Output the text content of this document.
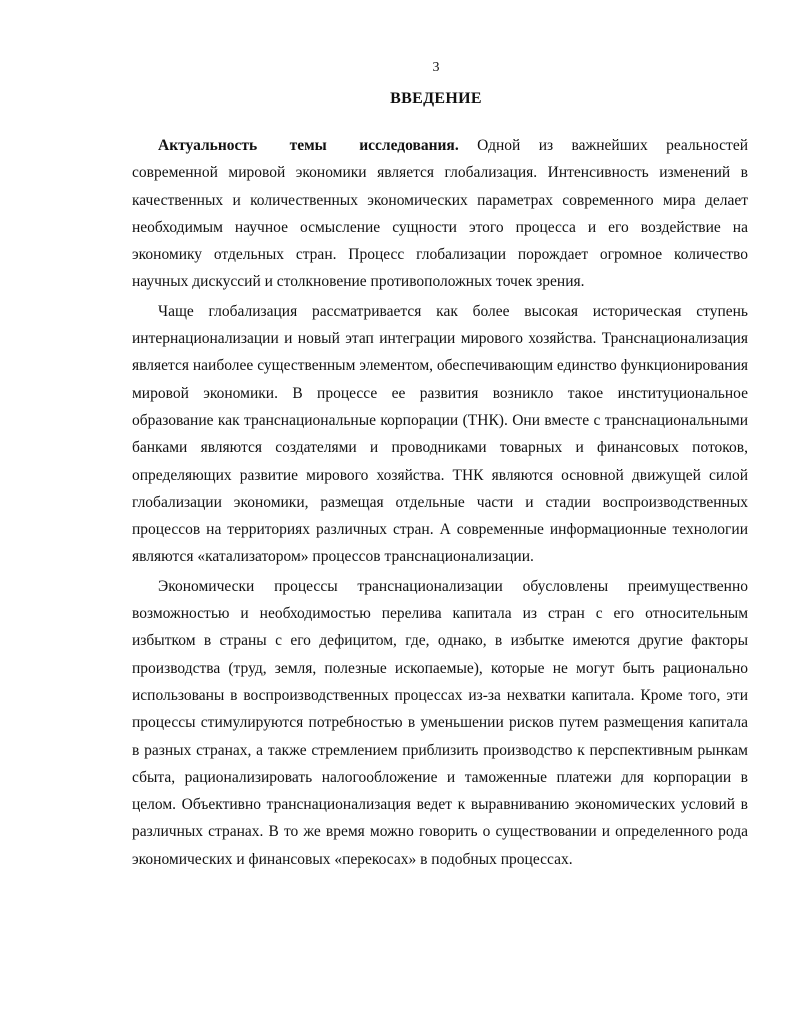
3
ВВЕДЕНИЕ

Актуальность темы исследования. Одной из важнейших реальностей современной мировой экономики является глобализация. Интенсивность изменений в качественных и количественных экономических параметрах современного мира делает необходимым научное осмысление сущности этого процесса и его воздействие на экономику отдельных стран. Процесс глобализации порождает огромное количество научных дискуссий и столкновение противоположных точек зрения.

Чаще глобализация рассматривается как более высокая историческая ступень интернационализации и новый этап интеграции мирового хозяйства. Транснационализация является наиболее существенным элементом, обеспечивающим единство функционирования мировой экономики. В процессе ее развития возникло такое институциональное образование как транснациональные корпорации (ТНК). Они вместе с транснациональными банками являются создателями и проводниками товарных и финансовых потоков, определяющих развитие мирового хозяйства. ТНК являются основной движущей силой глобализации экономики, размещая отдельные части и стадии воспроизводственных процессов на территориях различных стран. А современные информационные технологии являются «катализатором» процессов транснационализации.

Экономически процессы транснационализации обусловлены преимущественно возможностью и необходимостью перелива капитала из стран с его относительным избытком в страны с его дефицитом, где, однако, в избытке имеются другие факторы производства (труд, земля, полезные ископаемые), которые не могут быть рационально использованы в воспроизводственных процессах из-за нехватки капитала. Кроме того, эти процессы стимулируются потребностью в уменьшении рисков путем размещения капитала в разных странах, а также стремлением приблизить производство к перспективным рынкам сбыта, рационализировать налогообложение и таможенные платежи для корпорации в целом. Объективно транснационализация ведет к выравниванию экономических условий в различных странах. В то же время можно говорить о существовании и определенного рода экономических и финансовых «перекосах» в подобных процессах.
